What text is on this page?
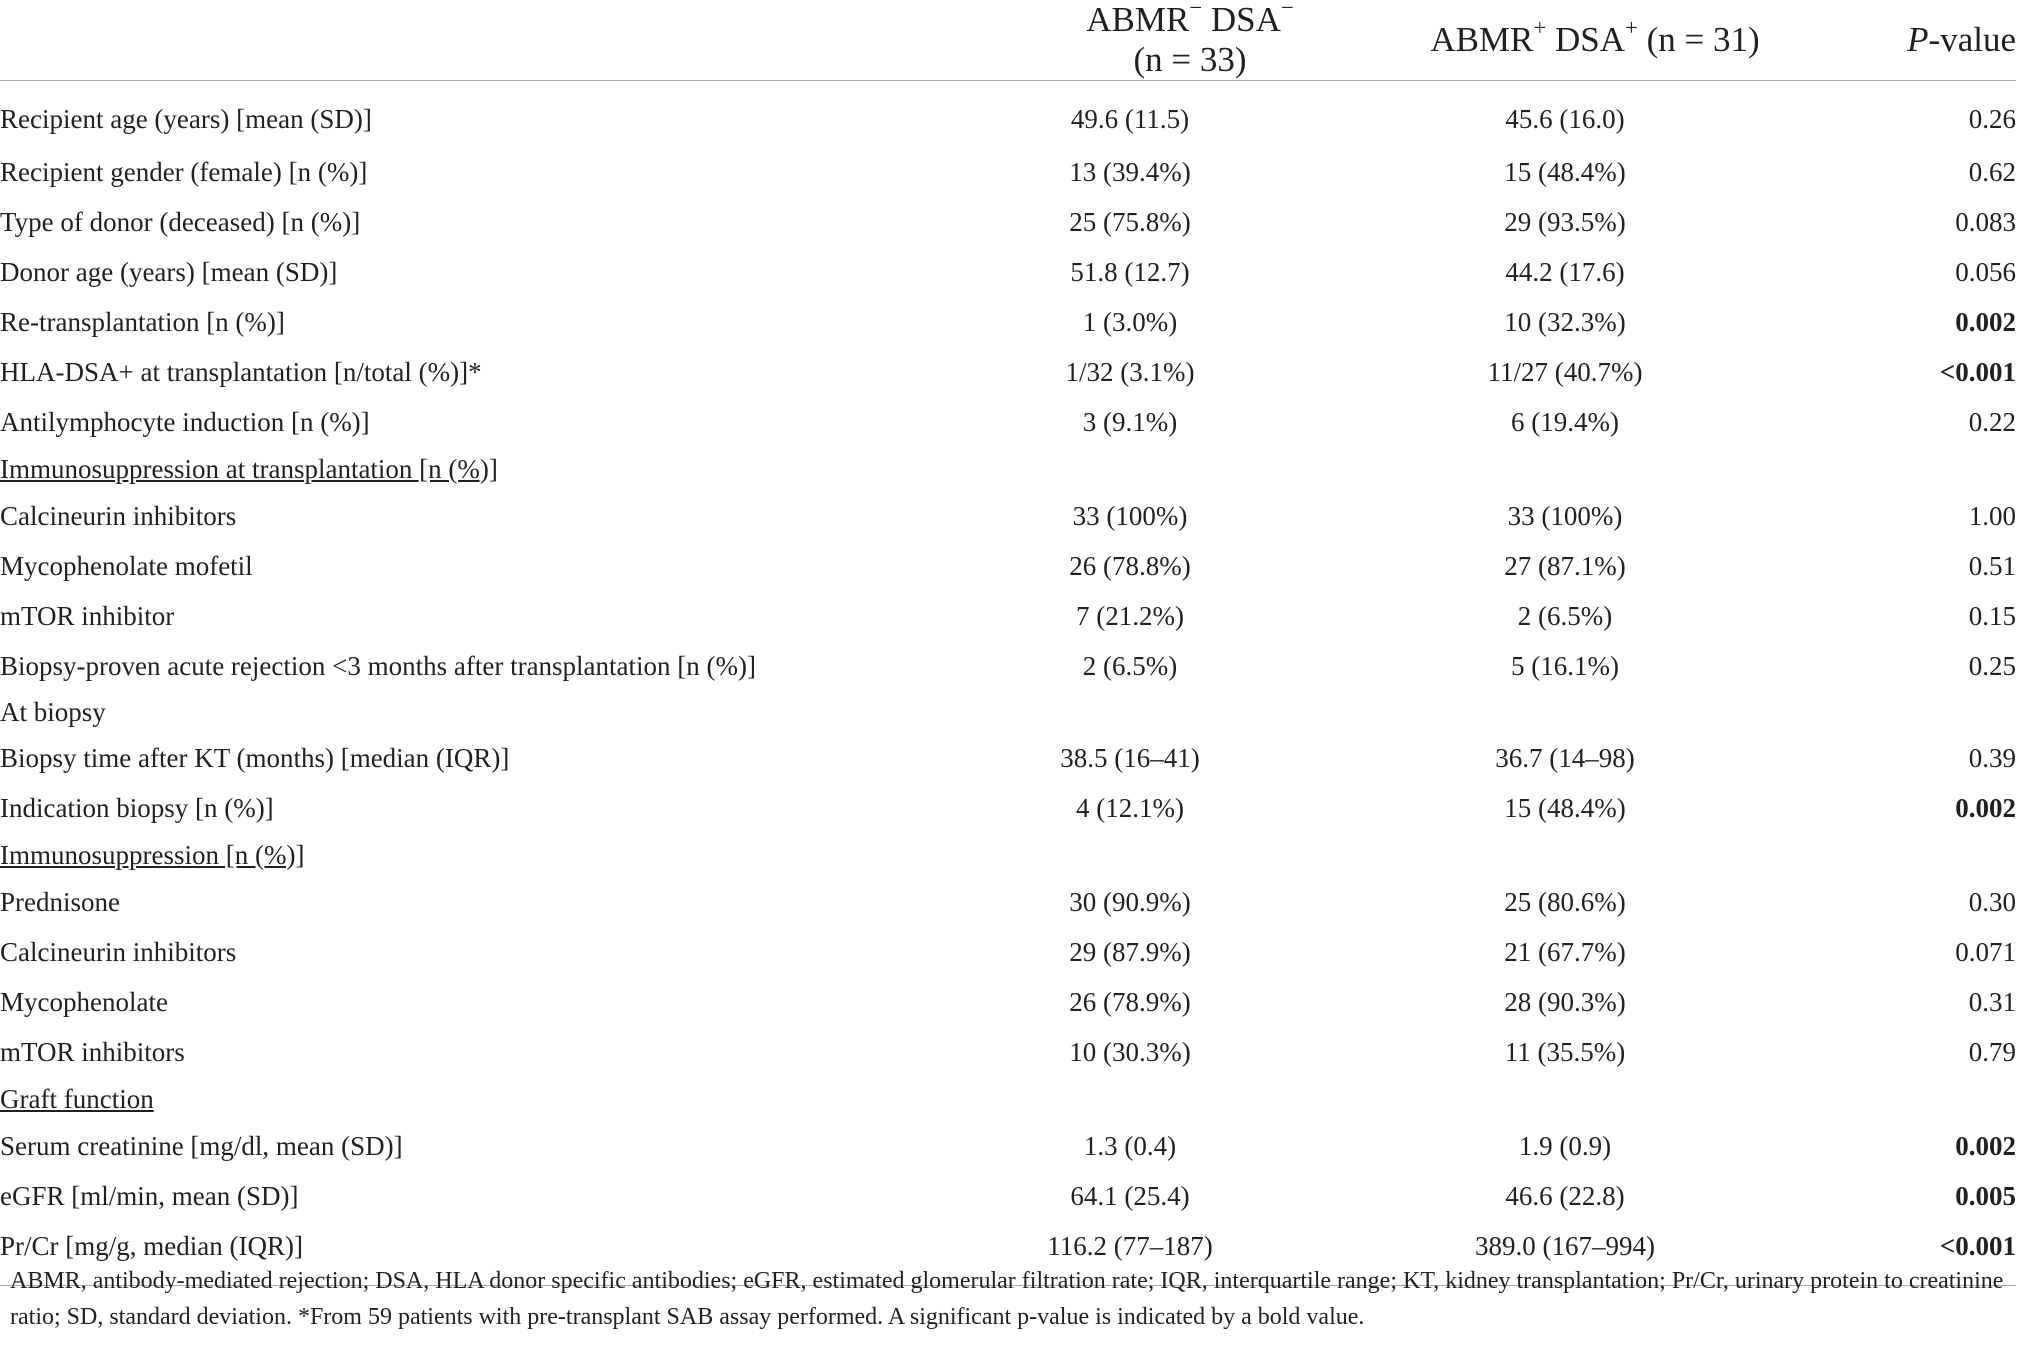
	ABMR− DSA− (n = 33)	ABMR+ DSA+ (n = 31)	P-value
Recipient age (years) [mean (SD)]	49.6 (11.5)	45.6 (16.0)	0.26
Recipient gender (female) [n (%)]	13 (39.4%)	15 (48.4%)	0.62
Type of donor (deceased) [n (%)]	25 (75.8%)	29 (93.5%)	0.083
Donor age (years) [mean (SD)]	51.8 (12.7)	44.2 (17.6)	0.056
Re-transplantation [n (%)]	1 (3.0%)	10 (32.3%)	0.002
HLA-DSA+ at transplantation [n/total (%)]*	1/32 (3.1%)	11/27 (40.7%)	<0.001
Antilymphocyte induction [n (%)]	3 (9.1%)	6 (19.4%)	0.22
Immunosuppression at transplantation [n (%)]			
Calcineurin inhibitors	33 (100%)	33 (100%)	1.00
Mycophenolate mofetil	26 (78.8%)	27 (87.1%)	0.51
mTOR inhibitor	7 (21.2%)	2 (6.5%)	0.15
Biopsy-proven acute rejection <3 months after transplantation [n (%)]	2 (6.5%)	5 (16.1%)	0.25
At biopsy			
Biopsy time after KT (months) [median (IQR)]	38.5 (16–41)	36.7 (14–98)	0.39
Indication biopsy [n (%)]	4 (12.1%)	15 (48.4%)	0.002
Immunosuppression [n (%)]			
Prednisone	30 (90.9%)	25 (80.6%)	0.30
Calcineurin inhibitors	29 (87.9%)	21 (67.7%)	0.071
Mycophenolate	26 (78.9%)	28 (90.3%)	0.31
mTOR inhibitors	10 (30.3%)	11 (35.5%)	0.79
Graft function			
Serum creatinine [mg/dl, mean (SD)]	1.3 (0.4)	1.9 (0.9)	0.002
eGFR [ml/min, mean (SD)]	64.1 (25.4)	46.6 (22.8)	0.005
Pr/Cr [mg/g, median (IQR)]	116.2 (77–187)	389.0 (167–994)	<0.001
ABMR, antibody-mediated rejection; DSA, HLA donor specific antibodies; eGFR, estimated glomerular filtration rate; IQR, interquartile range; KT, kidney transplantation; Pr/Cr, urinary protein to creatinine ratio; SD, standard deviation. *From 59 patients with pre-transplant SAB assay performed. A significant p-value is indicated by a bold value.
